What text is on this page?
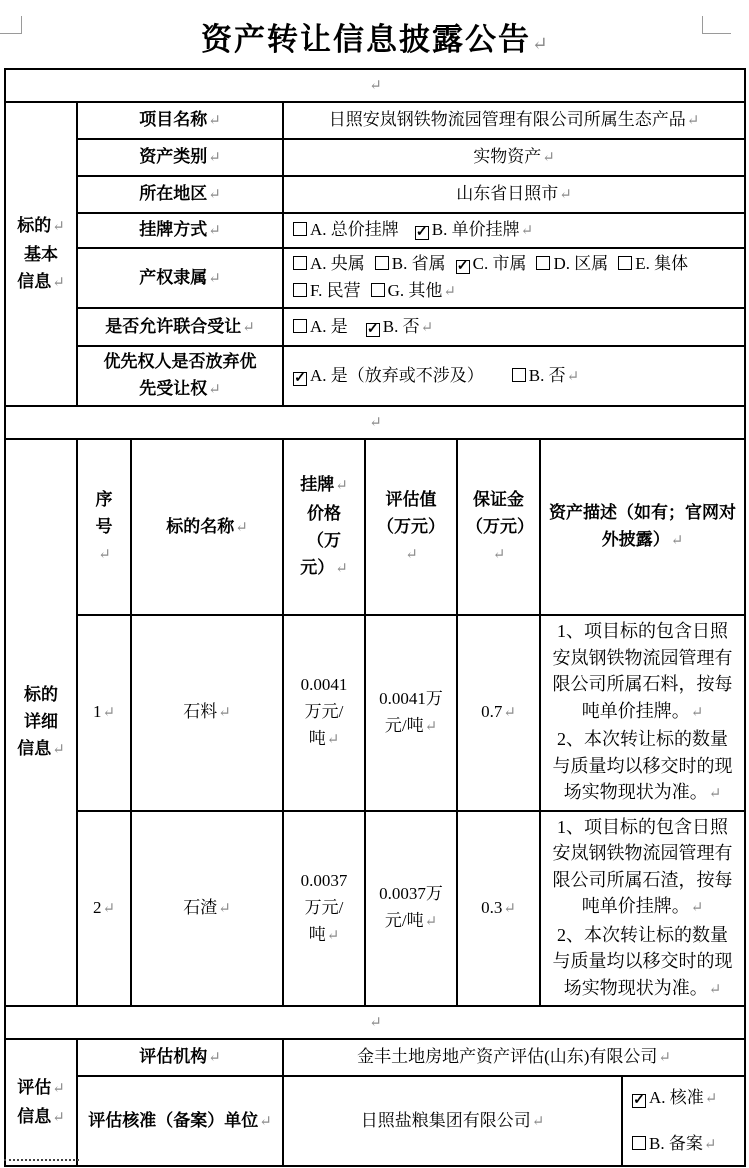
资产转让信息披露公告↵
↵							

标的↵
基本信息↵	项目名称↵		日照安岚钢铁物流园管理有限公司所属生态产品↵				
	资产类别↵		实物资产↵				
	所在地区↵		山东省日照市↵				
	挂牌方式↵		A. 总价挂牌 ✓ B. 单价挂牌↵				
	产权隶属↵		A. 央属 B. 省属 ✓ C. 市属 D. 区属 E. 集体F. 民营 G. 其他↵				
	是否允许联合受让↵		A. 是 ✓ B. 否↵				
	优先权人是否放弃优先受让权↵		✓ A. 是（放弃或不涉及） B. 否↵				
↵							

标的详细信息↵	序号↵	标的名称↵	挂牌↵
价格（万元）↵	评估值（万元）↵	保证金（万元）↵	资产描述（如有；官网对外披露）↵	
	1↵	石料↵	0.0041万元/吨↵	0.0041万元/吨↵	0.7↵	1、项目标的包含日照安岚钢铁物流园管理有限公司所属石料，按每吨单价挂牌。↵
2、本次转让标的数量与质量均以移交时的现场实物现状为准。↵	

	2↵	石渣↵	0.0037万元/吨↵	0.0037万元/吨↵	0.3↵	1、项目标的包含日照安岚钢铁物流园管理有限公司所属石渣，按每吨单价挂牌。↵
2、本次转让标的数量与质量均以移交时的现场实物现状为准。↵	

↵							

评估↵
信息↵	评估机构↵		金丰土地房地产资产评估(山东)有限公司↵				
	评估核准（备案）单位↵		日照盐粮集团有限公司↵				✓ A. 核准↵
B. 备案↵
